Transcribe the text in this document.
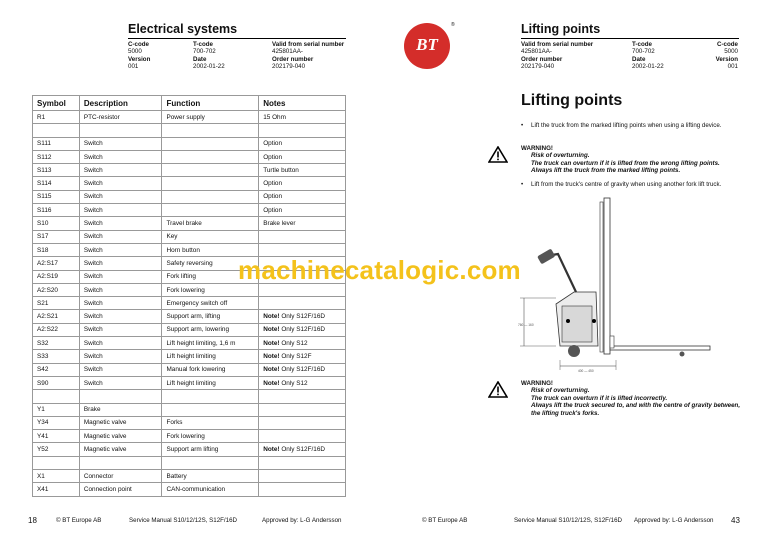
Electrical systems
C-code
5000
Version
001
T-code
700-702
Date
2002-01-22
Valid from serial number
425801AA-
Order number
202179-040
Symbol	Description	Function	Notes
R1	PTC-resistor	Power supply	15 Ohm

S111	Switch		Option
S112	Switch		Option
S113	Switch		Turtle button
S114	Switch		Option
S115	Switch		Option
S116	Switch		Option
S10	Switch	Travel brake	Brake lever
S17	Switch	Key	
S18	Switch	Horn button	
A2:S17	Switch	Safety reversing	
A2:S19	Switch	Fork lifting	
A2:S20	Switch	Fork lowering	
S21	Switch	Emergency switch off	
A2:S21	Switch	Support arm, lifting	Note! Only S12F/16D
A2:S22	Switch	Support arm, lowering	Note! Only S12F/16D
S32	Switch	Lift height limiting, 1,6 m	Note! Only S12
S33	Switch	Lift height limiting	Note! Only S12F
S42	Switch	Manual fork lowering	Note! Only S12F/16D
S90	Switch	Lift height limiting	Note! Only S12

Y1	Brake		
Y34	Magnetic valve	Forks	
Y41	Magnetic valve	Fork lowering	
Y52	Magnetic valve	Support arm lifting	Note! Only S12F/16D

X1	Connector	Battery	
X41	Connection point	CAN-communication	
18	© BT Europe AB	Service Manual S10/12/12S, S12F/16D	Approved by: L-G Andersson
BT
®	Lifting points
Valid from serial number
425801AA-
Order number
202179-040
T-code
700-702
Date
2002-01-22
C-code
5000
Version
001
Lifting points
• Lift the truck from the marked lifting points when using a lifting device.
WARNING!
Risk of overturning.
The truck can overturn if it is lifted from the wrong lifting points.
Always lift the truck from the marked lifting points.
• Lift from the truck's centre of gravity when using another fork lift truck.
760 — 160
400 — 450
WARNING!

Risk of overturning.
The truck can overturn if it is lifted incorrectly.
Always lift the truck secured to, and with the centre of gravity between, the lifting truck's forks.
© BT Europe AB	Service Manual S10/12/12S, S12F/16D Approved by: L-G Andersson 43
machinecatalogic.com
